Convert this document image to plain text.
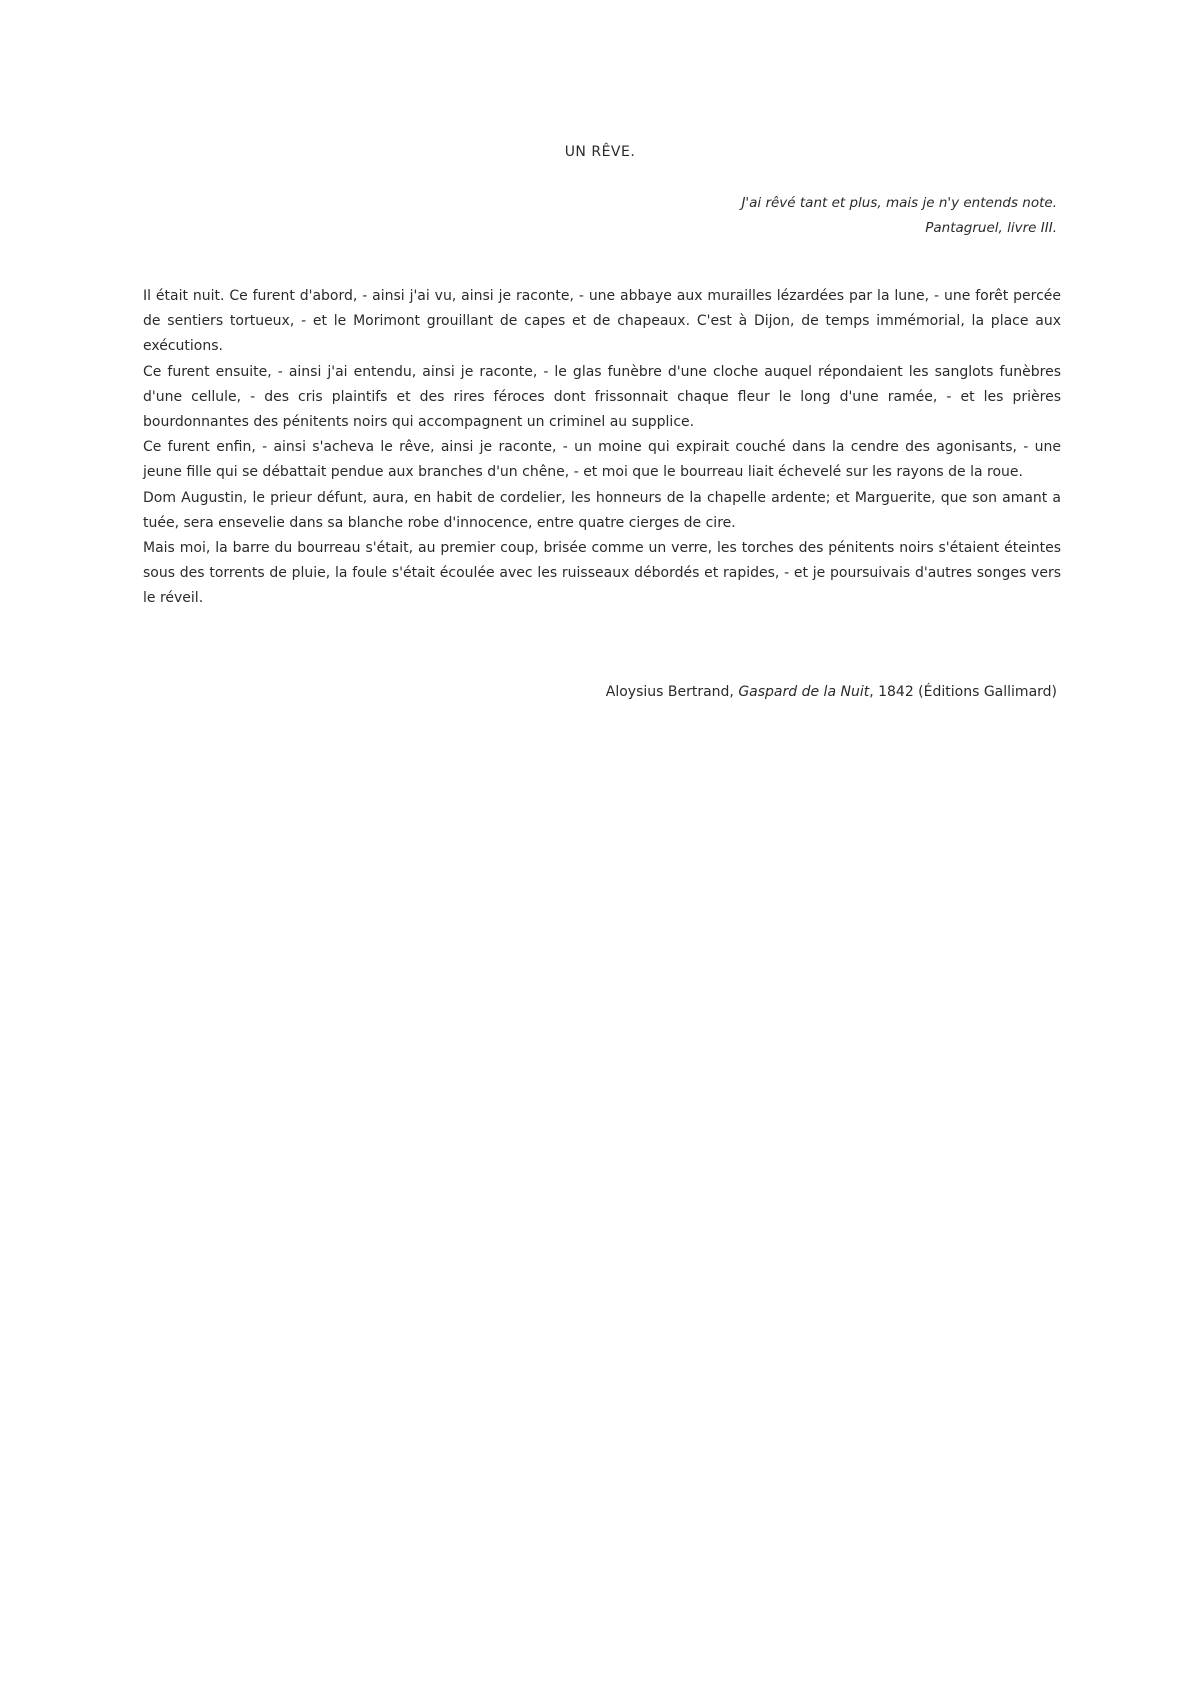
UN RÊVE.
J'ai rêvé tant et plus, mais je n'y entends note.
Pantagruel, livre III.

Il était nuit. Ce furent d'abord, - ainsi j'ai vu, ainsi je raconte, - une abbaye aux murailles lézardées par la lune, - une forêt percée de sentiers tortueux, - et le Morimont grouillant de capes et de chapeaux. C'est à Dijon, de temps immémorial, la place aux exécutions.

Ce furent ensuite, - ainsi j'ai entendu, ainsi je raconte, - le glas funèbre d'une cloche auquel répondaient les sanglots funèbres d'une cellule, - des cris plaintifs et des rires féroces dont frissonnait chaque fleur le long d'une ramée, - et les prières bourdonnantes des pénitents noirs qui accompagnent un criminel au supplice.

Ce furent enfin, - ainsi s'acheva le rêve, ainsi je raconte, - un moine qui expirait couché dans la cendre des agonisants, - une jeune fille qui se débattait pendue aux branches d'un chêne, - et moi que le bourreau liait échevelé sur les rayons de la roue.

Dom Augustin, le prieur défunt, aura, en habit de cordelier, les honneurs de la chapelle ardente; et Marguerite, que son amant a tuée, sera ensevelie dans sa blanche robe d'innocence, entre quatre cierges de cire.

Mais moi, la barre du bourreau s'était, au premier coup, brisée comme un verre, les torches des pénitents noirs s'étaient éteintes sous des torrents de pluie, la foule s'était écoulée avec les ruisseaux débordés et rapides, - et je poursuivais d'autres songes vers le réveil.

Aloysius Bertrand, Gaspard de la Nuit, 1842 (Éditions Gallimard)
